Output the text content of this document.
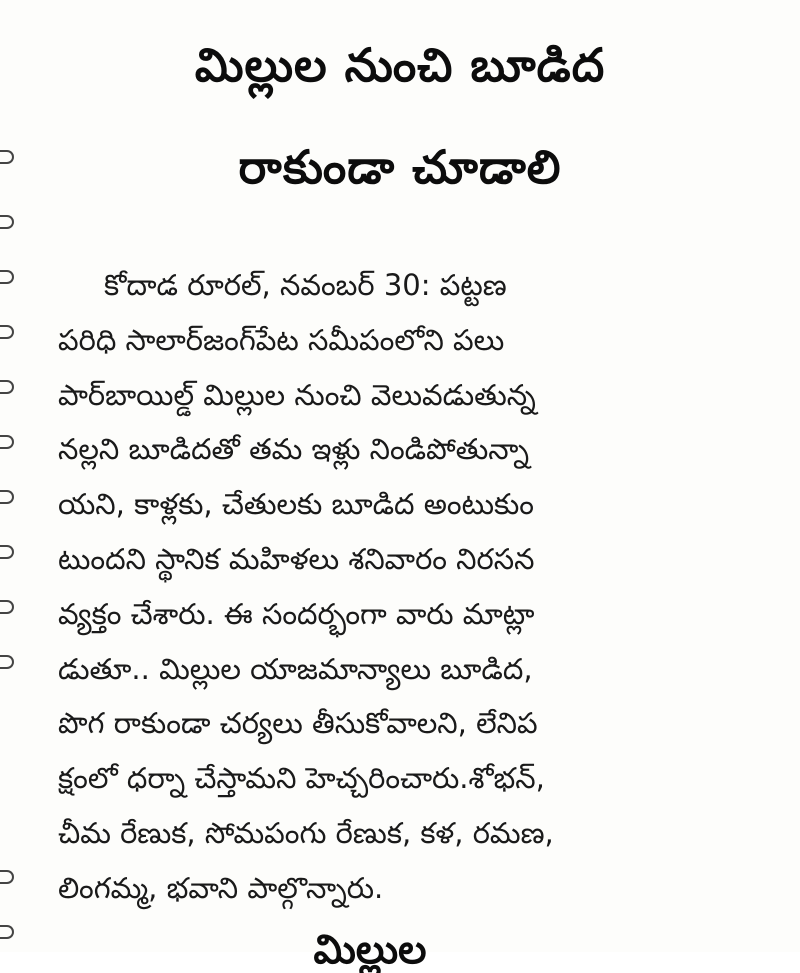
మిల్లుల నుంచి బూడిద
రాకుండా చూడాలి
కోదాడ రూరల్, నవంబర్ 30: పట్టణ
పరిధి సాలార్‌జంగ్‌పేట సమీపంలోని పలు
పార్‌బాయిల్డ్ మిల్లుల నుంచి వెలువడుతున్న
నల్లని బూడిదతో తమ ఇళ్లు నిండిపోతున్నా
యని, కాళ్లకు, చేతులకు బూడిద అంటుకుం
టుందని స్థానిక మహిళలు శనివారం నిరసన
వ్యక్తం చేశారు. ఈ సందర్భంగా వారు మాట్లా
డుతూ.. మిల్లుల యాజమాన్యాలు బూడిద,
పొగ రాకుండా చర్యలు తీసుకోవాలని, లేనిప
క్షంలో ధర్నా చేస్తామని హెచ్చరించారు.శోభన్,
చీమ రేణుక, సోమపంగు రేణుక, కళ, రమణ,
లింగమ్మ, భవాని పాల్గొన్నారు.
మిల్లుల
